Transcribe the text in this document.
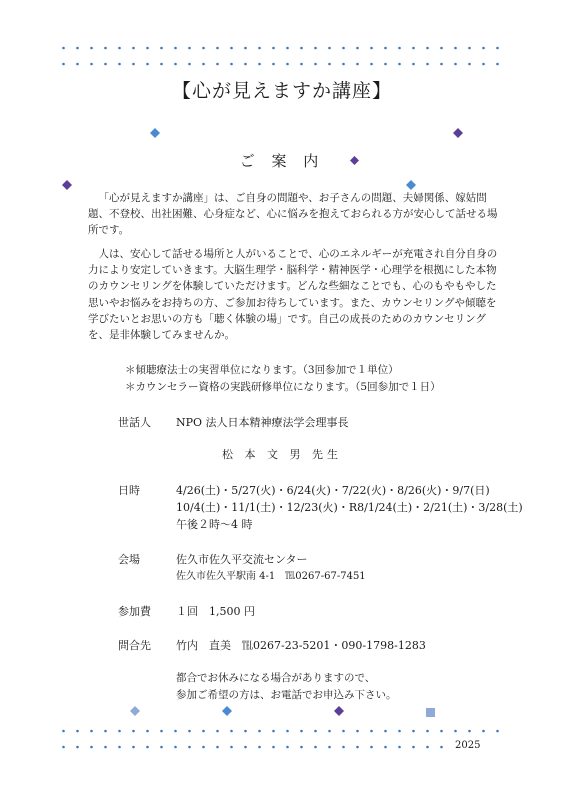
【心が見えますか講座】
ご 案 内
「心が見えますか講座」は、ご自身の問題や、お子さんの問題、夫婦関係、嫁姑問題、不登校、出社困難、心身症など、心に悩みを抱えておられる方が安心して話せる場所です。
人は、安心して話せる場所と人がいることで、心のエネルギーが充電され自分自身の力により安定していきます。大脳生理学・脳科学・精神医学・心理学を根拠にした本物のカウンセリングを体験していただけます。どんな些細なことでも、心のもやもやした思いやお悩みをお持ちの方、ご参加お待ちしています。また、カウンセリングや傾聴を学びたいとお思いの方も「聴く体験の場」です。自己の成長のためのカウンセリングを、是非体験してみませんか。
＊傾聴療法士の実習単位になります。（3回参加で１単位）
＊カウンセラー資格の実践研修単位になります。（5回参加で１日）
世話人 NPO 法人日本精神療法学会理事長
松 本 文 男 先生
日時	4/26(土)・5/27(火)・6/24(火)・7/22(火)・8/26(火)・9/7(日)
10/4(土)・11/1(土)・12/23(火)・R8/1/24(土)・2/21(土)・3/28(土)
午後２時～4 時
会場	佐久市佐久平交流センター
佐久市佐久平駅南 4-1　℡0267-67-7451
参加費 １回　1,500 円
問合先 竹内　直美　℡0267-23-5201・090-1798-1283
都合でお休みになる場合がありますので、
参加ご希望の方は、お電話でお申込み下さい。
2025
